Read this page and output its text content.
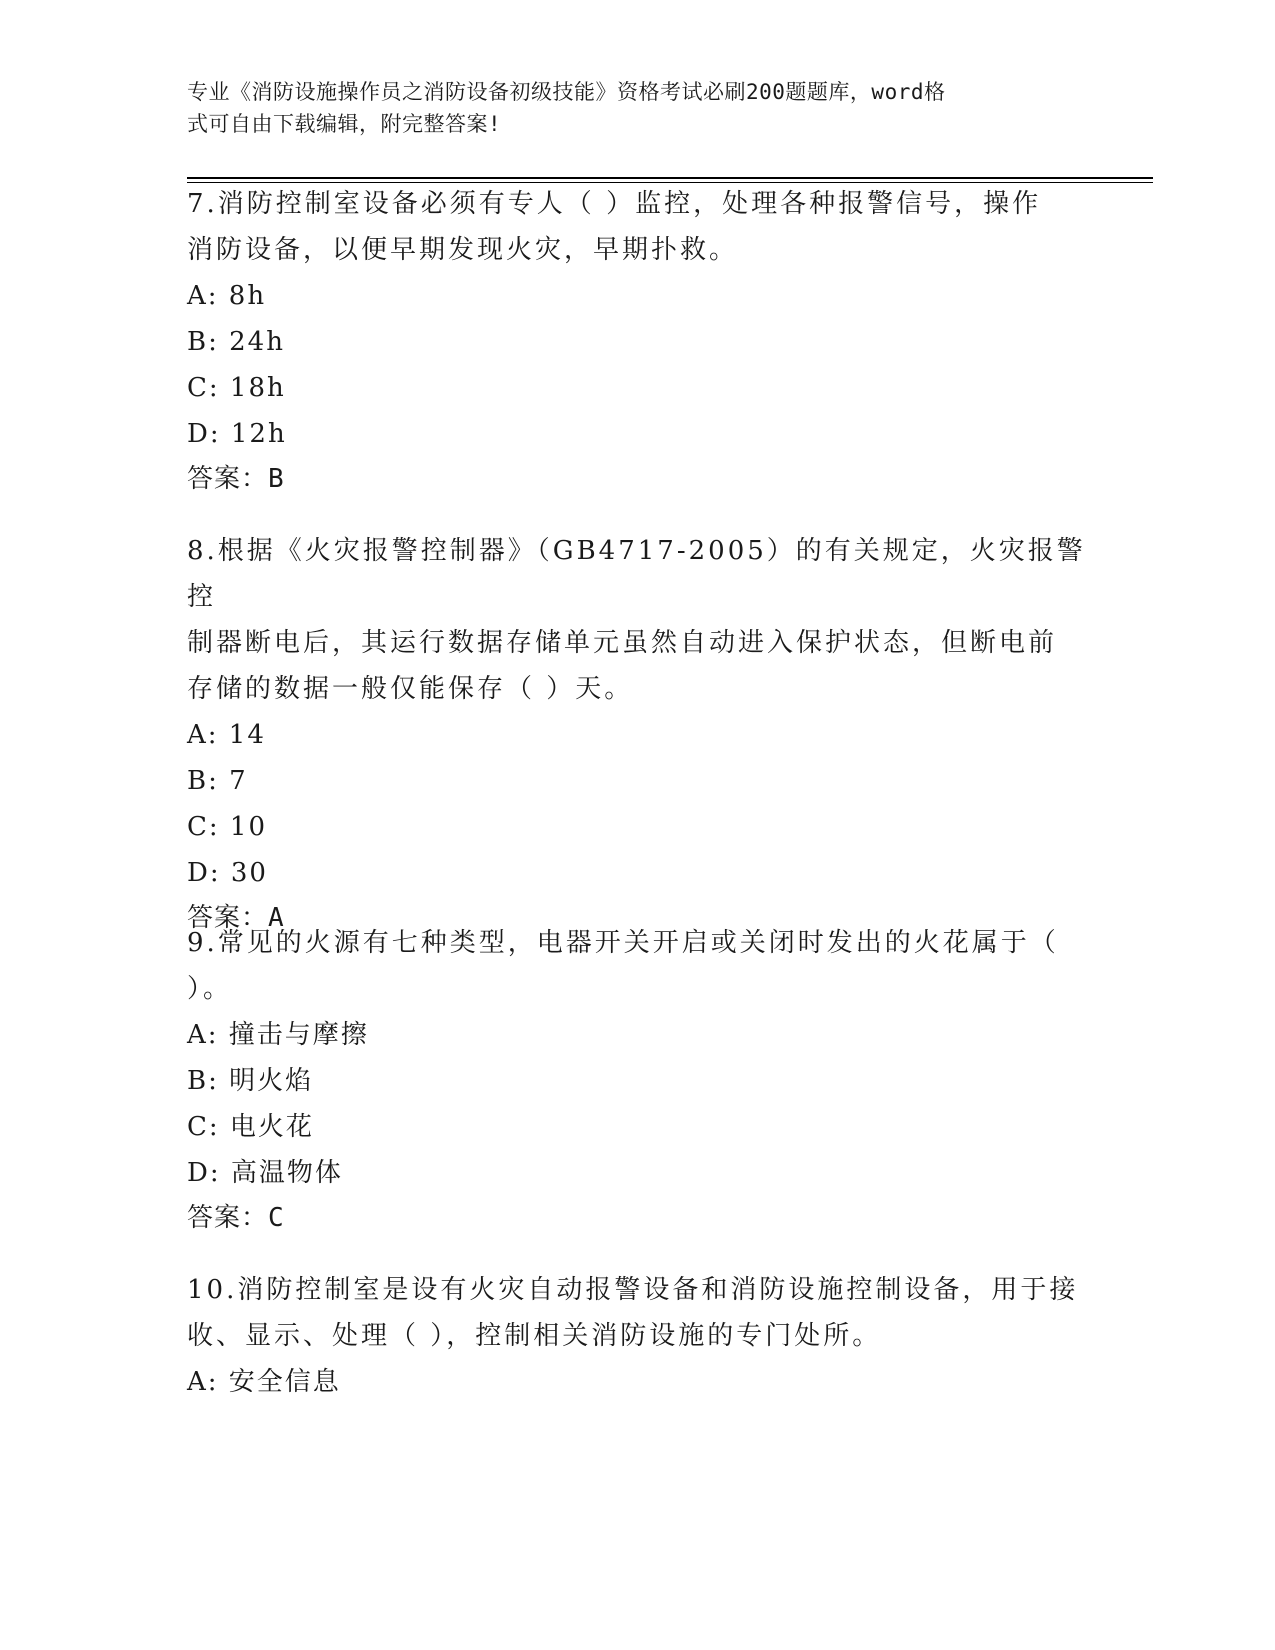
专业《消防设施操作员之消防设备初级技能》资格考试必刷200题题库，word格
式可自由下载编辑，附完整答案!
7.消防控制室设备必须有专人（ ）监控，处理各种报警信号，操作
消防设备，以便早期发现火灾，早期扑救。
A: 8h
B: 24h
C: 18h
D: 12h
答案：B
8.根据《火灾报警控制器》（GB4717-2005）的有关规定，火灾报警控
制器断电后，其运行数据存储单元虽然自动进入保护状态，但断电前
存储的数据一般仅能保存（ ）天。
A: 14
B: 7
C: 10
D: 30
答案：A
9.常见的火源有七种类型，电器开关开启或关闭时发出的火花属于（
）。
A: 撞击与摩擦
B: 明火焰
C: 电火花
D: 高温物体
答案：C
10.消防控制室是设有火灾自动报警设备和消防设施控制设备，用于接
收、显示、处理（ ），控制相关消防设施的专门处所。
A: 安全信息
